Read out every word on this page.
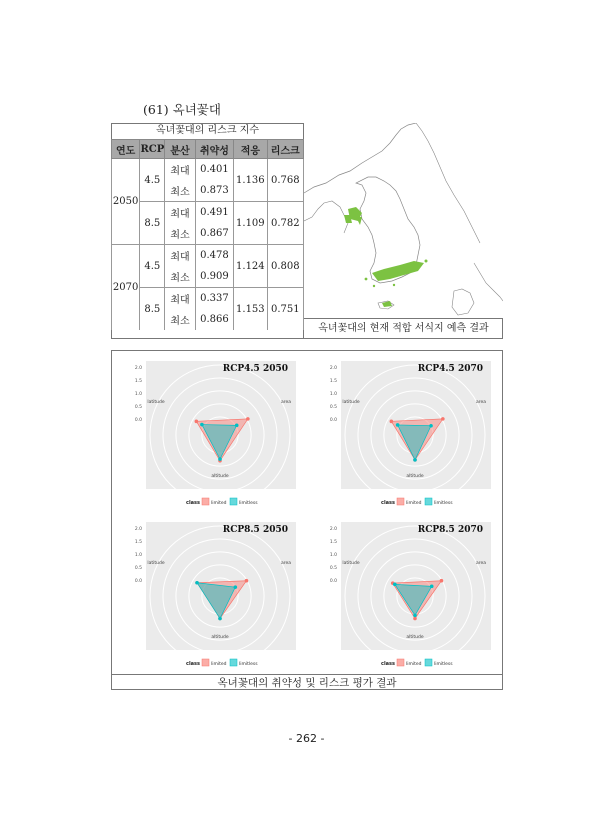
(61) 옥녀꽃대
옥녀꽃대의 리스크 지수
연도	RCP	분산	취약성	적응	리스크
2050	4.5	최대	0.401	1.136	0.768
		최소	0.873		
	8.5	최대	0.491	1.109	0.782
		최소	0.867		
2070	4.5	최대	0.478	1.124	0.808
		최소	0.909		
	8.5	최대	0.337	1.153	0.751
		최소	0.866		
옥녀꽃대의 현재 적합 서식지 예측 결과
2.0
1.5
1.0
0.5
0.0
latitude	area
altitude
RCP4.5 2050
class limited	limitless
2.0
1.5
1.0
0.5
0.0
latitude	area
altitude
RCP4.5 2070
class limited	limitless
2.0
1.5
1.0
0.5
0.0
latitude	area
altitude
RCP8.5 2050
class limited	limitless
2.0
1.5
1.0
0.5
0.0
latitude	area
altitude
RCP8.5 2070
class limited	limitless
옥녀꽃대의 취약성 및 리스크 평가 결과
- 262 -
